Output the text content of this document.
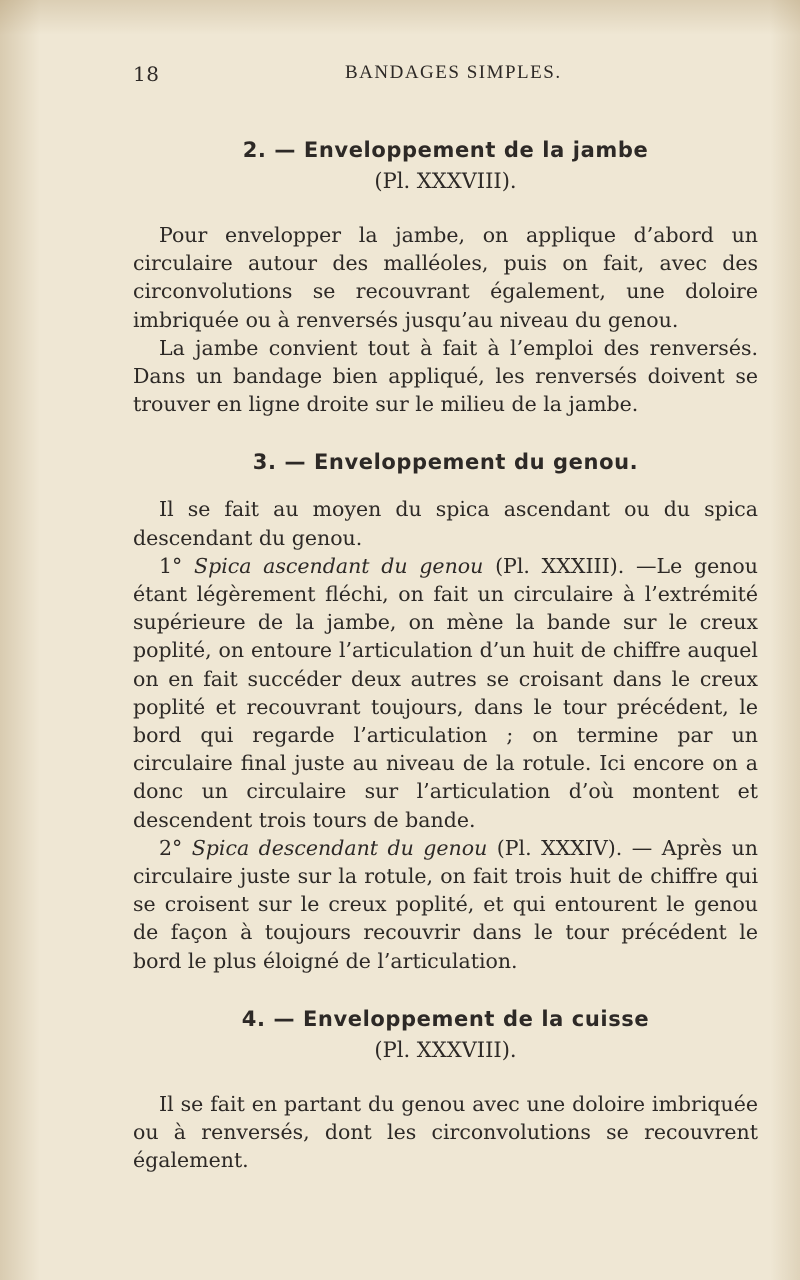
18	BANDAGES SIMPLES.
2. — Enveloppement de la jambe
(Pl. XXXVIII).

Pour envelopper la jambe, on applique d’abord un circulaire autour des malléoles, puis on fait, avec des circonvolutions se recouvrant également, une doloire imbriquée ou à renversés jusqu’au niveau du genou.

La jambe convient tout à fait à l’emploi des renversés. Dans un bandage bien appliqué, les renversés doivent se trouver en ligne droite sur le milieu de la jambe.

3. — Enveloppement du genou.

Il se fait au moyen du spica ascendant ou du spica descendant du genou.

1° Spica ascendant du genou (Pl. XXXIII). —Le genou étant légèrement fléchi, on fait un circulaire à l’extrémité supérieure de la jambe, on mène la bande sur le creux poplité, on entoure l’articulation d’un huit de chiffre auquel on en fait succéder deux autres se croisant dans le creux poplité et recouvrant toujours, dans le tour précédent, le bord qui regarde l’articulation ; on termine par un circulaire final juste au niveau de la rotule. Ici encore on a donc un circulaire sur l’articulation d’où montent et descendent trois tours de bande.

2° Spica descendant du genou (Pl. XXXIV). — Après un circulaire juste sur la rotule, on fait trois huit de chiffre qui se croisent sur le creux poplité, et qui entourent le genou de façon à toujours recouvrir dans le tour précédent le bord le plus éloigné de l’articulation.

4. — Enveloppement de la cuisse
(Pl. XXXVIII).

Il se fait en partant du genou avec une doloire imbriquée ou à renversés, dont les circonvolutions se recouvrent également.
